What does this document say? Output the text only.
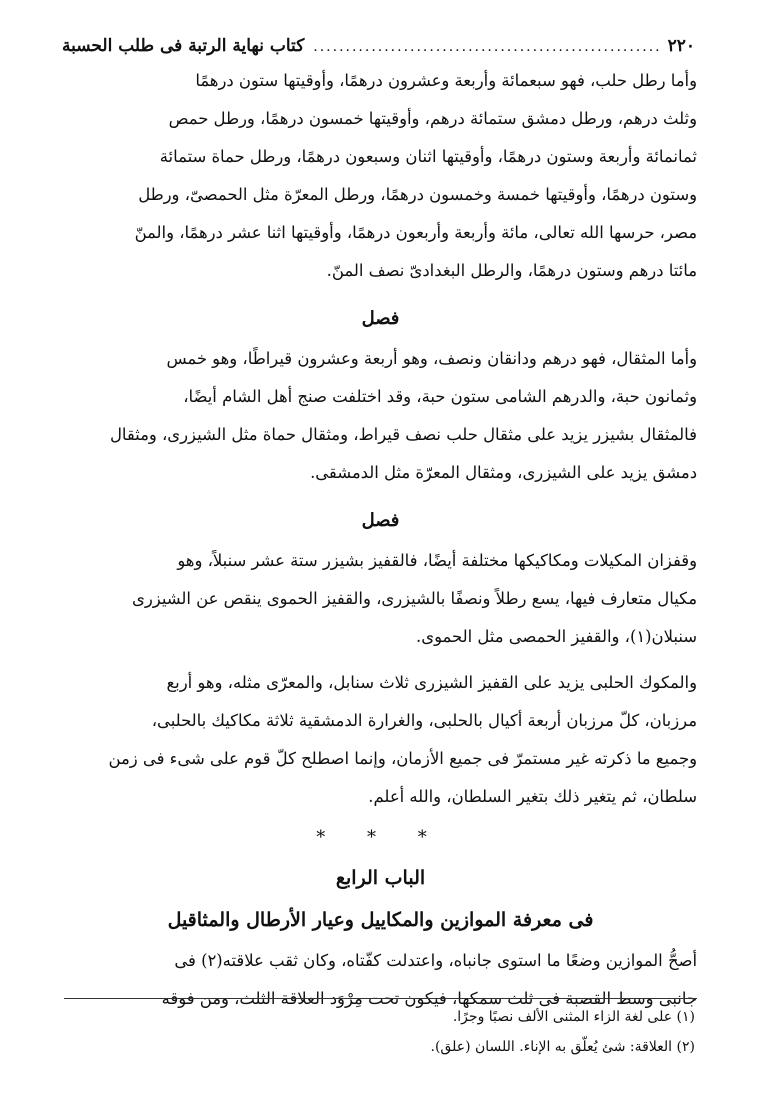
٢٢٠
......................................................
كتاب نهاية الرتبة فى طلب الحسبة
وأما رطل حلب، فهو سبعمائة وأربعة وعشرون درهمًا، وأوقيتها ستون درهمًا
وثلث درهم، ورطل دمشق ستمائة درهم، وأوقيتها خمسون درهمًا، ورطل حمص
ثمانمائة وأربعة وستون درهمًا، وأوقيتها اثنان وسبعون درهمًا، ورطل حماة ستمائة
وستون درهمًا، وأوقيتها خمسة وخمسون درهمًا، ورطل المعرّة مثل الحمصىّ، ورطل
مصر، حرسها الله تعالى، مائة وأربعة وأربعون درهمًا، وأوقيتها اثنا عشر درهمًا، والمنّ
مائتا درهم وستون درهمًا، والرطل البغدادىّ نصف المنّ.
فصل
وأما المثقال، فهو درهم ودانقان ونصف، وهو أربعة وعشرون قيراطًا، وهو خمس
وثمانون حبة، والدرهم الشامى ستون حبة، وقد اختلفت صنج أهل الشام أيضًا،
فالمثقال بشيزر يزيد على مثقال حلب نصف قيراط، ومثقال حماة مثل الشيزرى، ومثقال
دمشق يزيد على الشيزرى، ومثقال المعرّة مثل الدمشقى.
فصل
وقفزان المكيلات ومكاكيكها مختلفة أيضًا، فالقفيز بشيزر ستة عشر سنبلاً، وهو
مكيال متعارف فيها، يسع رطلاً ونصفًا بالشيزرى، والقفيز الحموى ينقص عن الشيزرى
سنبلان(١)، والقفيز الحمصى مثل الحموى.
والمكوك الحلبى يزيد على القفيز الشيزرى ثلاث سنابل، والمعرّى مثله، وهو أربع
مرزبان، كلّ مرزبان أربعة أكيال بالحلبى، والغرارة الدمشقية ثلاثة مكاكيك بالحلبى،
وجميع ما ذكرته غير مستمرّ فى جميع الأزمان، وإنما اصطلح كلّ قوم على شىء فى زمن
سلطان، ثم يتغير ذلك بتغير السلطان، والله أعلم.
* * *
الباب الرابع
فى معرفة الموازين والمكاييل وعيار الأرطال والمثاقيل
أصحُّ الموازين وضعًا ما استوى جانباه، واعتدلت كفّتاه، وكان ثقب علاقته(٢) فى
جانبى وسط القصبة فى ثلث سمكها، فيكون تحت مِرْوَد العلاقة الثلث، ومن فوقه
(١) على لغة الزاء المثنى الألف نصبًا وجرًا.
(٢) العلاقة: شئ يُعلّق به الإناء. اللسان (علق).
